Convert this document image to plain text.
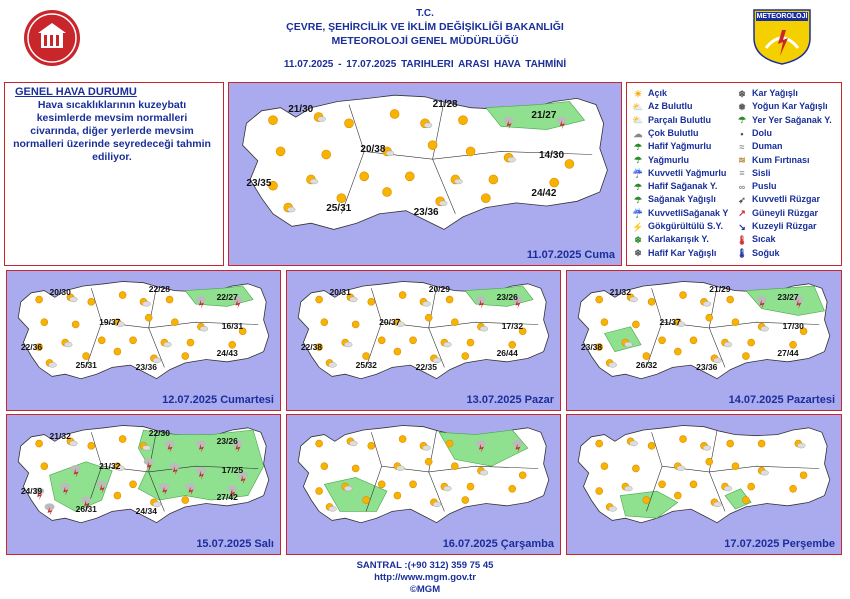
T.C.
ÇEVRE, ŞEHİRCİLİK VE İKLİM DEĞİŞİKLİĞİ BAKANLIĞI
METEOROLOJİ GENEL MÜDÜRLÜĞÜ
11.07.2025 - 17.07.2025 TARIHLERI ARASI HAVA TAHMİNİ
METEOROLOJİ
GENEL HAVA DURUMU
Hava sıcaklıklarının kuzeybatı kesimlerde mevsim normalleri civarında, diğer yerlerde mevsim normalleri üzerinde seyredeceği tahmin ediliyor.
☀ Açık
⛅ Az Bulutlu
⛅ Parçalı Bulutlu
☁ Çok Bulutlu
☂ Hafif Yağmurlu
☂ Yağmurlu
☔ Kuvvetli Yağmurlu
☂ Hafif Sağanak Y.
☂ Sağanak Yağışlı
☔ KuvvetliSağanak Y
⚡ Gökgürültülü S.Y.
❄ Karlakarışık Y.
❄ Hafif Kar Yağışlı
❄ Kar Yağışlı
❅ Yoğun Kar Yağışlı
☂ Yer Yer Sağanak Y.
• Dolu
≈ Duman
≋ Kum Fırtınası
≡ Sisli
∞ Puslu
➶ Kuvvetli Rüzgar
↗ Güneyli Rüzgar
↘ Kuzeyli Rüzgar
🌡 Sıcak
🌡 Soğuk
21/30	21/28
21/27
20/38
14/30
23/35
24/42
25/31	23/36
11.07.2025 Cuma
20/30	22/28
22/27
19/37	16/31
22/36
24/43
25/31	23/36
12.07.2025 Cumartesi
20/31	20/29
23/26
20/37	17/32
22/38
26/44
25/32	22/35
13.07.2025 Pazar
21/32	21/29
23/27
21/37	17/30
23/38
27/44
26/32	23/36
14.07.2025 Pazartesi
21/32	22/30
23/26
21/32	17/25
24/39
27/42
26/31	24/34
15.07.2025 Salı	16.07.2025 Çarşamba	17.07.2025 Perşembe
SANTRAL :(+90 312) 359 75 45
http://www.mgm.gov.tr
©MGM
